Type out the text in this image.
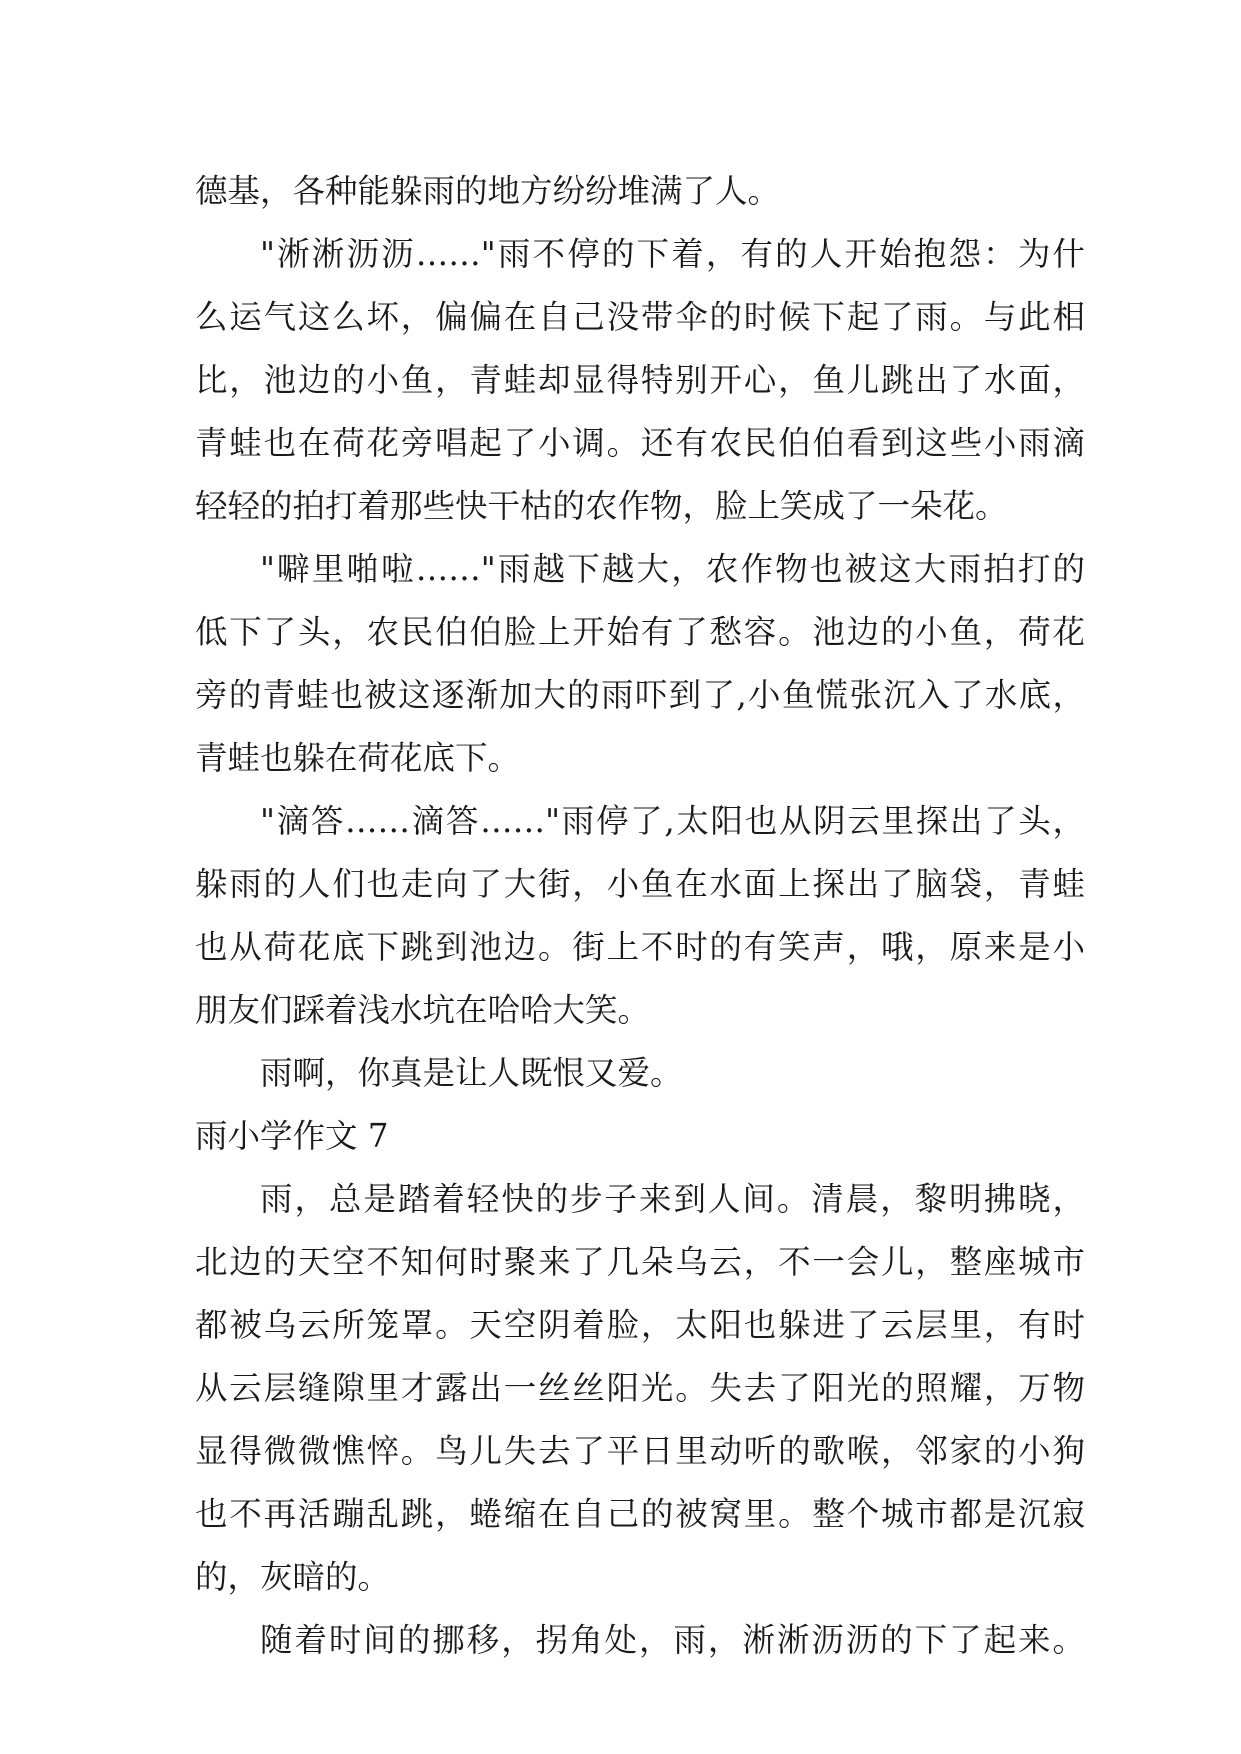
德基，各种能躲雨的地方纷纷堆满了人。
"淅淅沥沥……"雨不停的下着，有的人开始抱怨：为什
么运气这么坏，偏偏在自己没带伞的时候下起了雨。与此相
比，池边的小鱼，青蛙却显得特别开心，鱼儿跳出了水面，
青蛙也在荷花旁唱起了小调。还有农民伯伯看到这些小雨滴
轻轻的拍打着那些快干枯的农作物，脸上笑成了一朵花。
"噼里啪啦……"雨越下越大，农作物也被这大雨拍打的
低下了头，农民伯伯脸上开始有了愁容。池边的小鱼，荷花
旁的青蛙也被这逐渐加大的雨吓到了,小鱼慌张沉入了水底，
青蛙也躲在荷花底下。
"滴答……滴答……"雨停了,太阳也从阴云里探出了头，
躲雨的人们也走向了大街，小鱼在水面上探出了脑袋，青蛙
也从荷花底下跳到池边。街上不时的有笑声，哦，原来是小
朋友们踩着浅水坑在哈哈大笑。
雨啊，你真是让人既恨又爱。
雨小学作文 7
雨，总是踏着轻快的步子来到人间。清晨，黎明拂晓，
北边的天空不知何时聚来了几朵乌云，不一会儿，整座城市
都被乌云所笼罩。天空阴着脸，太阳也躲进了云层里，有时
从云层缝隙里才露出一丝丝阳光。失去了阳光的照耀，万物
显得微微憔悴。鸟儿失去了平日里动听的歌喉，邻家的小狗
也不再活蹦乱跳，蜷缩在自己的被窝里。整个城市都是沉寂
的，灰暗的。
随着时间的挪移，拐角处，雨，淅淅沥沥的下了起来。
